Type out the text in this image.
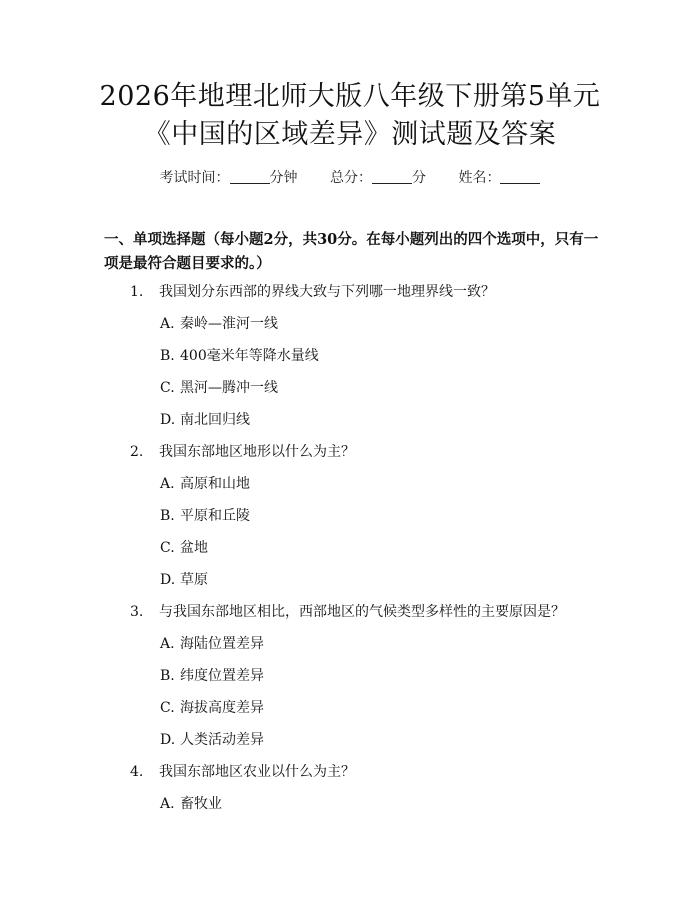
2026年地理北师大版八年级下册第5单元
《中国的区域差异》测试题及答案
考试时间：	分钟 总分：	分 姓名：
一、单项选择题（每小题2分，共30分。在每小题列出的四个选项中，只有一项是最符合题目要求的。）
1. 我国划分东西部的界线大致与下列哪一地理界线一致？
A. 秦岭—淮河一线
B. 400毫米年等降水量线
C. 黑河—腾冲一线
D. 南北回归线
2. 我国东部地区地形以什么为主？
A. 高原和山地
B. 平原和丘陵
C. 盆地
D. 草原
3. 与我国东部地区相比，西部地区的气候类型多样性的主要原因是？
A. 海陆位置差异
B. 纬度位置差异
C. 海拔高度差异
D. 人类活动差异
4. 我国东部地区农业以什么为主？
A. 畜牧业
